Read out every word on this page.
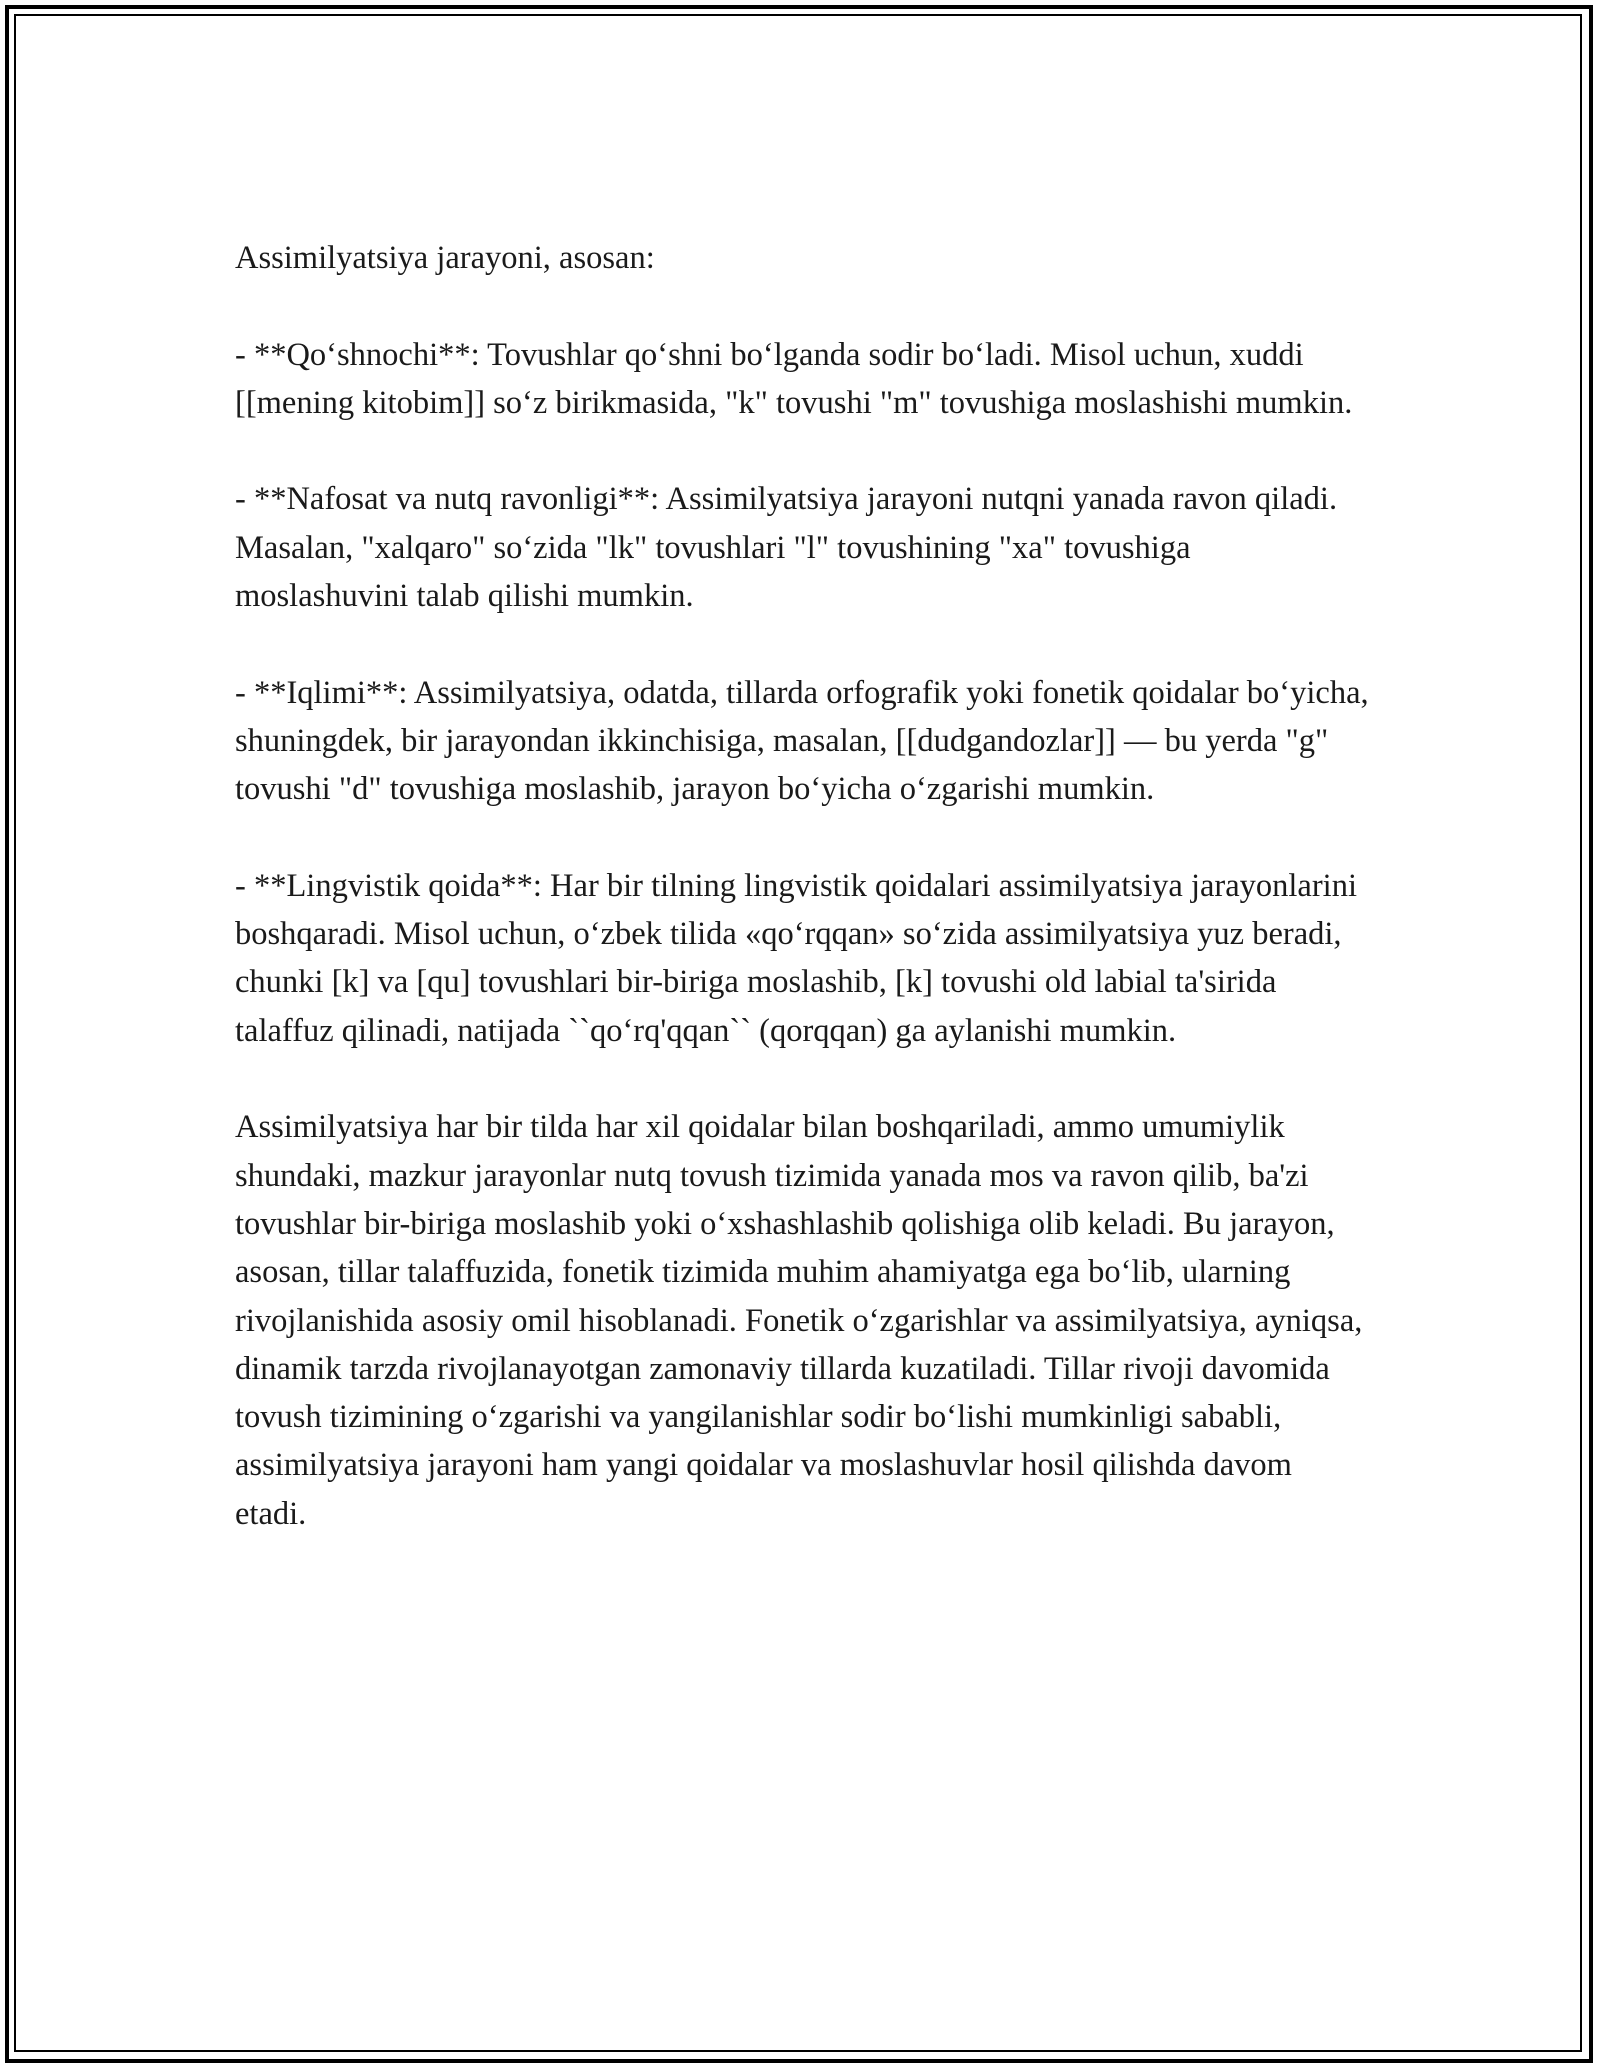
Assimilyatsiya jarayoni, asosan:

- **Qo‘shnochi**: Tovushlar qo‘shni bo‘lganda sodir bo‘ladi. Misol uchun, xuddi [[mening kitobim]] so‘z birikmasida, "k" tovushi "m" tovushiga moslashishi mumkin.

- **Nafosat va nutq ravonligi**: Assimilyatsiya jarayoni nutqni yanada ravon qiladi. Masalan, "xalqaro" so‘zida "lk" tovushlari "l" tovushining "xa" tovushiga moslashuvini talab qilishi mumkin.

- **Iqlimi**: Assimilyatsiya, odatda, tillarda orfografik yoki fonetik qoidalar bo‘yicha, shuningdek, bir jarayondan ikkinchisiga, masalan, [[dudgandozlar]] — bu yerda "g" tovushi "d" tovushiga moslashib, jarayon bo‘yicha o‘zgarishi mumkin.

- **Lingvistik qoida**: Har bir tilning lingvistik qoidalari assimilyatsiya jarayonlarini boshqaradi. Misol uchun, o‘zbek tilida «qo‘rqqan» so‘zida assimilyatsiya yuz beradi, chunki [k] va [qu] tovushlari bir-biriga moslashib, [k] tovushi old labial ta'sirida talaffuz qilinadi, natijada ``qo‘rq'qqan`` (qorqqan) ga aylanishi mumkin.

Assimilyatsiya har bir tilda har xil qoidalar bilan boshqariladi, ammo umumiylik shundaki, mazkur jarayonlar nutq tovush tizimida yanada mos va ravon qilib, ba'zi tovushlar bir-biriga moslashib yoki o‘xshashlashib qolishiga olib keladi. Bu jarayon, asosan, tillar talaffuzida, fonetik tizimida muhim ahamiyatga ega bo‘lib, ularning rivojlanishida asosiy omil hisoblanadi. Fonetik o‘zgarishlar va assimilyatsiya, ayniqsa, dinamik tarzda rivojlanayotgan zamonaviy tillarda kuzatiladi. Tillar rivoji davomida tovush tizimining o‘zgarishi va yangilanishlar sodir bo‘lishi mumkinligi sababli, assimilyatsiya jarayoni ham yangi qoidalar va moslashuvlar hosil qilishda davom etadi.
